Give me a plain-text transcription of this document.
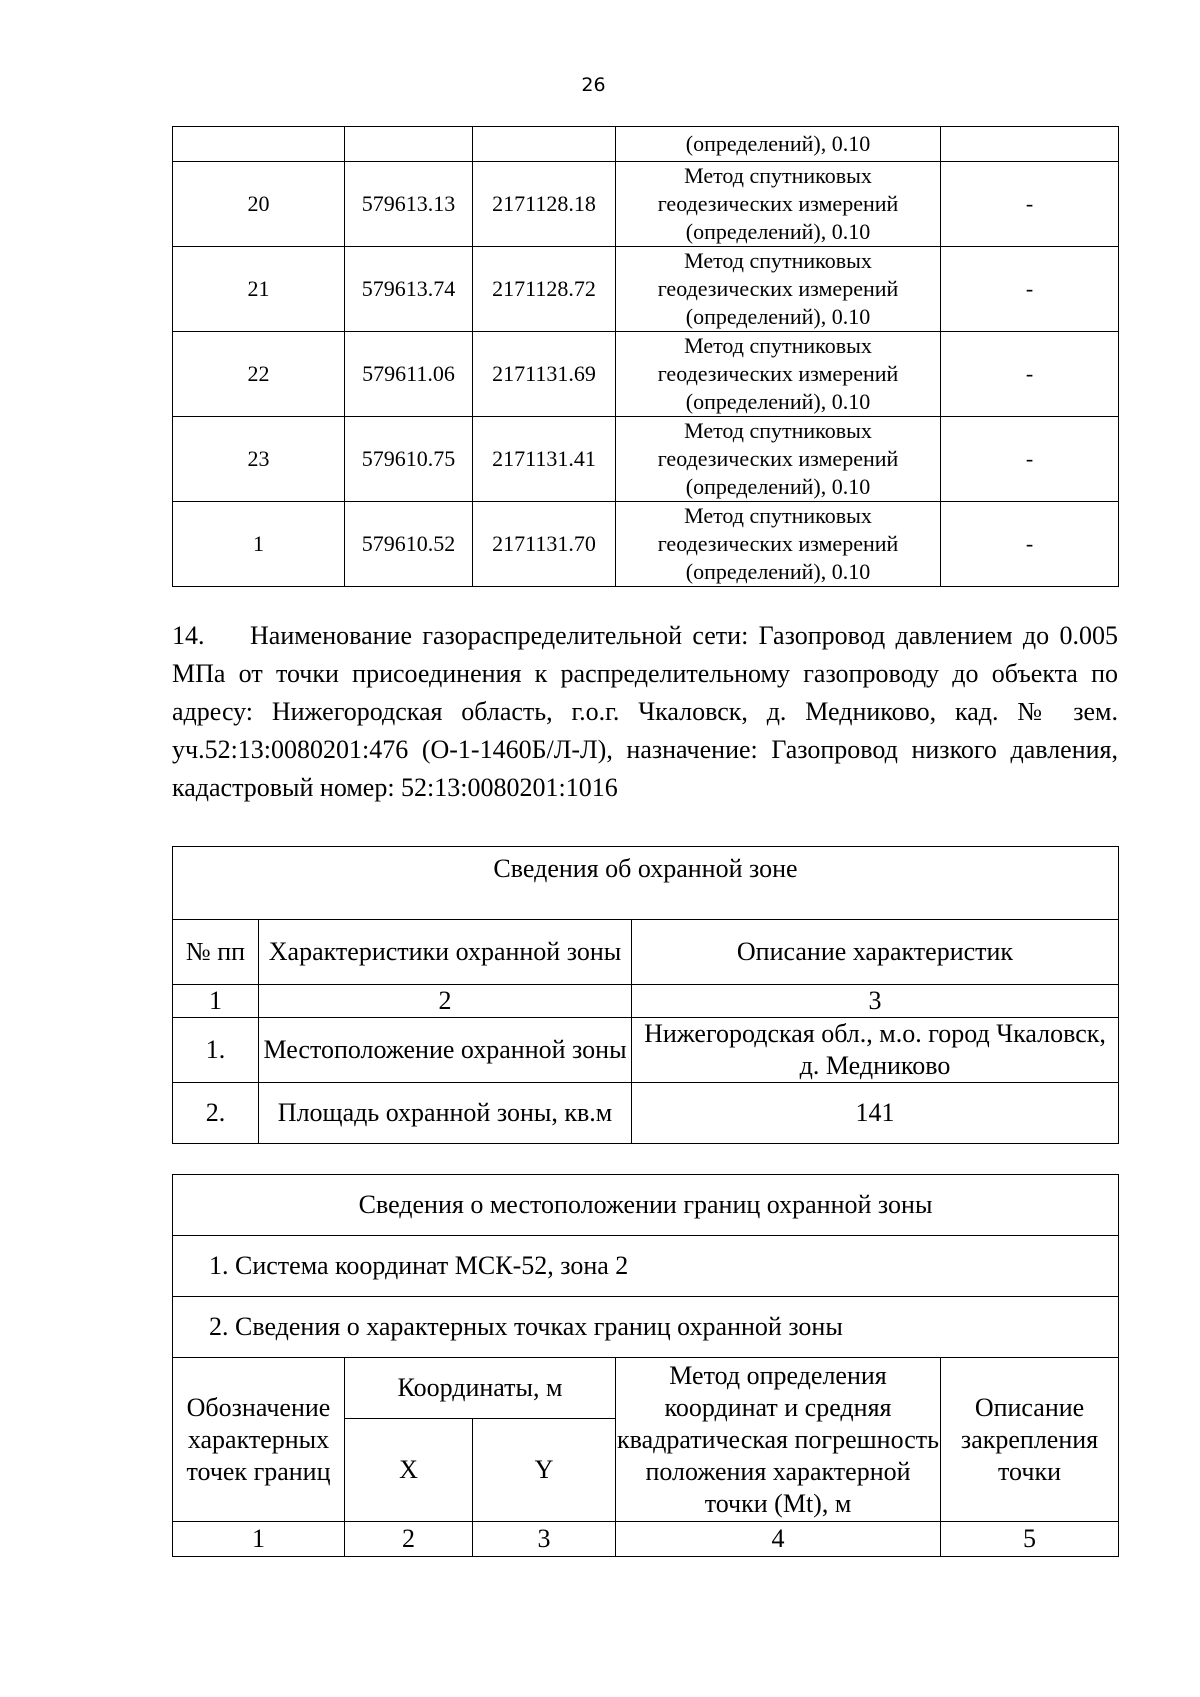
26
			(определений), 0.10	
20	579613.13	2171128.18	Метод спутниковых геодезических измерений (определений), 0.10	-
21	579613.74	2171128.72	Метод спутниковых геодезических измерений (определений), 0.10	-
22	579611.06	2171131.69	Метод спутниковых геодезических измерений (определений), 0.10	-
23	579610.75	2171131.41	Метод спутниковых геодезических измерений (определений), 0.10	-
1	579610.52	2171131.70	Метод спутниковых геодезических измерений (определений), 0.10	-

14. Наименование газораспределительной сети: Газопровод давлением до 0.005 МПа от точки присоединения к распределительному газопроводу до объекта по адресу: Нижегородская область, г.о.г. Чкаловск, д. Медниково, кад. № зем. уч.52:13:0080201:476 (О-1-1460Б/Л-Л), назначение: Газопровод низкого давления, кадастровый номер: 52:13:0080201:1016

Сведения об охранной зоне		
№ пп	Характеристики охранной зоны	Описание характеристик
1	2	3
1.	Местоположение охранной зоны	Нижегородская обл., м.о. город Чкаловск, д. Медниково
2.	Площадь охранной зоны, кв.м	141
Сведения о местоположении границ охранной зоны				
1. Система координат МСК-52, зона 2				
2. Сведения о характерных точках границ охранной зоны				
Обозначение характерных точек границ	Координаты, м		Метод определения координат и средняя квадратическая погрешность положения характерной точки (Mt), м	Описание закрепления точки
	X	Y		
1	2	3	4	5
